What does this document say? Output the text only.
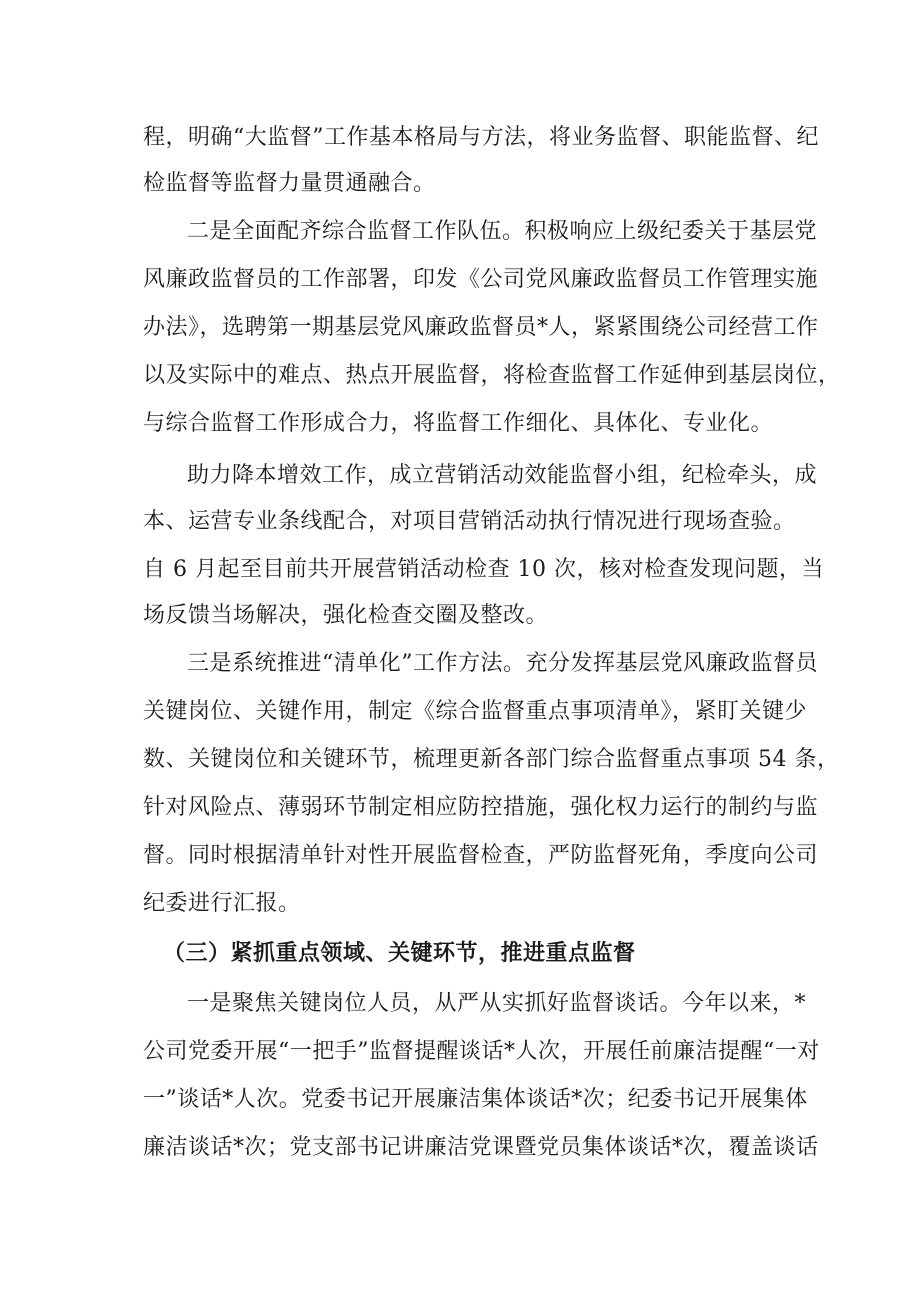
程，明确“大监督”工作基本格局与方法，将业务监督、职能监督、纪
检监督等监督力量贯通融合。
二是全面配齐综合监督工作队伍。积极响应上级纪委关于基层党
风廉政监督员的工作部署，印发《公司党风廉政监督员工作管理实施
办法》，选聘第一期基层党风廉政监督员*人，紧紧围绕公司经营工作
以及实际中的难点、热点开展监督，将检查监督工作延伸到基层岗位，
与综合监督工作形成合力，将监督工作细化、具体化、专业化。
助力降本增效工作，成立营销活动效能监督小组，纪检牵头，成
本、运营专业条线配合，对项目营销活动执行情况进行现场查验。
自 6 月起至目前共开展营销活动检查 10 次，核对检查发现问题，当
场反馈当场解决，强化检查交圈及整改。
三是系统推进“清单化”工作方法。充分发挥基层党风廉政监督员
关键岗位、关键作用，制定《综合监督重点事项清单》，紧盯关键少
数、关键岗位和关键环节，梳理更新各部门综合监督重点事项 54 条，
针对风险点、薄弱环节制定相应防控措施，强化权力运行的制约与监
督。同时根据清单针对性开展监督检查，严防监督死角，季度向公司
纪委进行汇报。
（三）紧抓重点领域、关键环节，推进重点监督
一是聚焦关键岗位人员，从严从实抓好监督谈话。今年以来，*
公司党委开展“一把手”监督提醒谈话*人次，开展任前廉洁提醒“一对
一”谈话*人次。党委书记开展廉洁集体谈话*次；纪委书记开展集体
廉洁谈话*次；党支部书记讲廉洁党课暨党员集体谈话*次，覆盖谈话
